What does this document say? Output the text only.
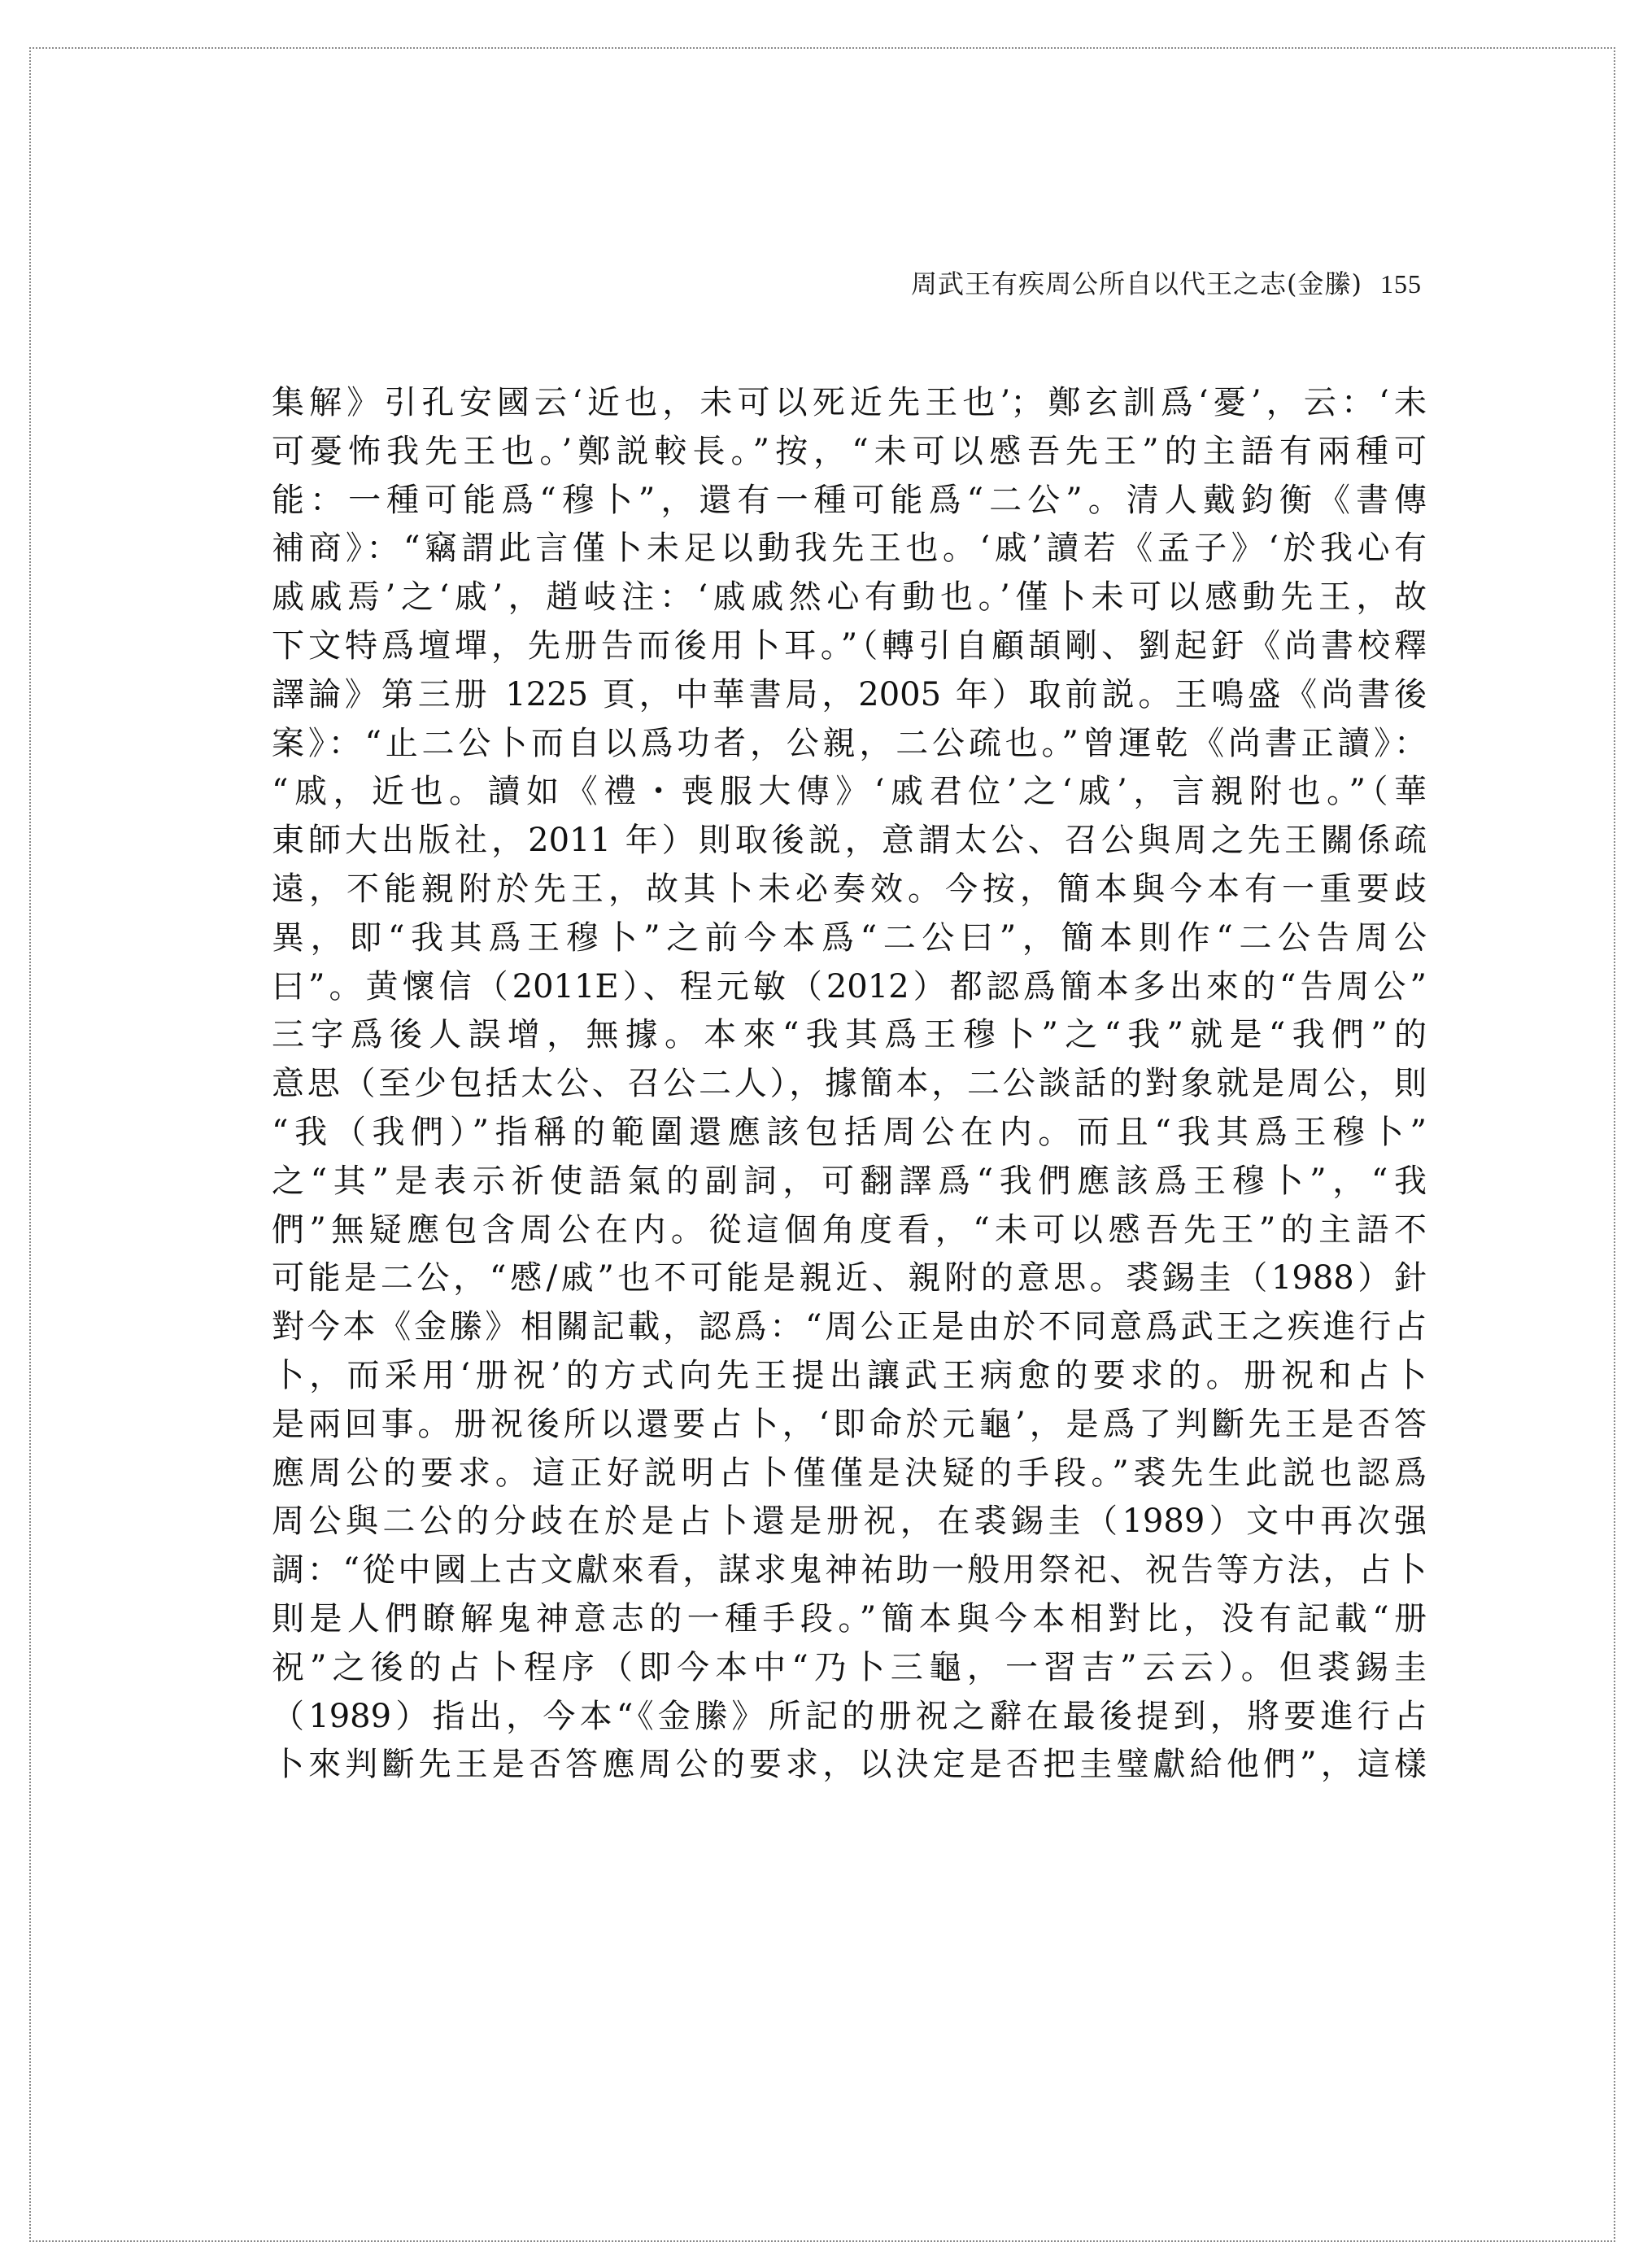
周武王有疾周公所自以代王之志(金縢) 155
集解》引孔安國云‘近也，未可以死近先王也’；鄭玄訓爲‘憂’，云：‘未
可憂怖我先王也。’鄭説較長。”按，“未可以慼吾先王”的主語有兩種可
能：一種可能爲“穆卜”，還有一種可能爲“二公”。清人戴鈞衡《書傳
補商》：“竊謂此言僅卜未足以動我先王也。‘戚’讀若《孟子》‘於我心有
戚戚焉’之‘戚’，趙岐注：‘戚戚然心有動也。’僅卜未可以感動先王，故
下文特爲壇墠，先册告而後用卜耳。”（轉引自顧頡剛、劉起釪《尚書校釋
譯論》第三册 1225 頁，中華書局，2005 年）取前説。王鳴盛《尚書後
案》：“止二公卜而自以爲功者，公親，二公疏也。”曾運乾《尚書正讀》：
“戚，近也。讀如《禮・喪服大傳》‘戚君位’之‘戚’，言親附也。”（華
東師大出版社，2011 年）則取後説，意謂太公、召公與周之先王關係疏
遠，不能親附於先王，故其卜未必奏效。今按，簡本與今本有一重要歧
異，即“我其爲王穆卜”之前今本爲“二公曰”，簡本則作“二公告周公
曰”。黄懷信（2011E）、程元敏（2012）都認爲簡本多出來的“告周公”
三字爲後人誤增，無據。本來“我其爲王穆卜”之“我”就是“我們”的
意思（至少包括太公、召公二人），據簡本，二公談話的對象就是周公，則
“我（我們）”指稱的範圍還應該包括周公在内。而且“我其爲王穆卜”
之“其”是表示祈使語氣的副詞，可翻譯爲“我們應該爲王穆卜”，“我
們”無疑應包含周公在内。從這個角度看，“未可以慼吾先王”的主語不
可能是二公，“慼/戚”也不可能是親近、親附的意思。裘錫圭（1988）針
對今本《金縢》相關記載，認爲：“周公正是由於不同意爲武王之疾進行占
卜，而采用‘册祝’的方式向先王提出讓武王病愈的要求的。册祝和占卜
是兩回事。册祝後所以還要占卜，‘即命於元龜’，是爲了判斷先王是否答
應周公的要求。這正好説明占卜僅僅是決疑的手段。”裘先生此説也認爲
周公與二公的分歧在於是占卜還是册祝，在裘錫圭（1989）文中再次强
調：“從中國上古文獻來看，謀求鬼神祐助一般用祭祀、祝告等方法，占卜
則是人們瞭解鬼神意志的一種手段。”簡本與今本相對比，没有記載“册
祝”之後的占卜程序（即今本中“乃卜三龜，一習吉”云云）。但裘錫圭
（1989）指出，今本“《金縢》所記的册祝之辭在最後提到，將要進行占
卜來判斷先王是否答應周公的要求，以決定是否把圭璧獻給他們”，這樣
